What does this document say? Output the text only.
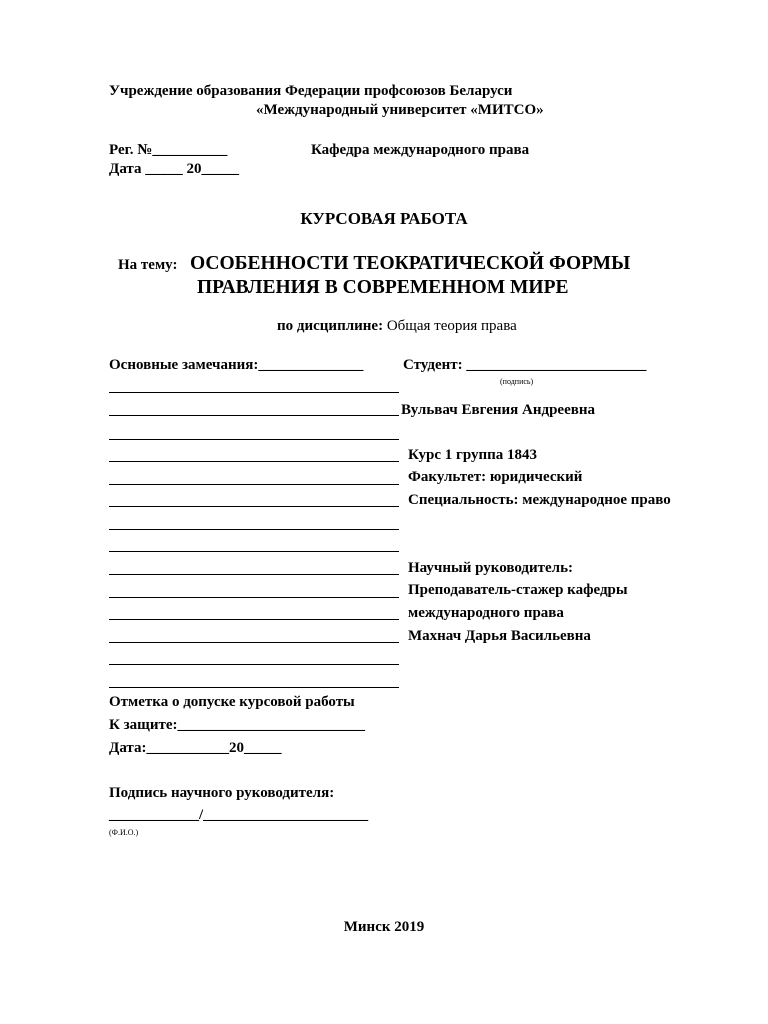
Учреждение образования Федерации профсоюзов Беларуси
«Международный университет «МИТСО»
Рег. №__________	Кафедра международного права
Дата _____ 20_____
КУРСОВАЯ РАБОТА
На тему: ОСОБЕННОСТИ ТЕОКРАТИЧЕСКОЙ ФОРМЫ
ПРАВЛЕНИЯ В СОВРЕМЕННОМ МИРЕ
по дисциплине: Общая теория права
Основные замечания:______________	Студент: ________________________
(подпись)
Вульвач Евгения Андреевна
Курс 1 группа 1843
Факультет: юридический
Специальность: международное право
Научный руководитель:
Преподаватель-стажер кафедры
международного права
Махнач Дарья Васильевна
Отметка о допуске курсовой работы
К защите:_________________________
Дата:___________20_____
Подпись научного руководителя:
____________/______________________
(Ф.И.О.)
Минск 2019
